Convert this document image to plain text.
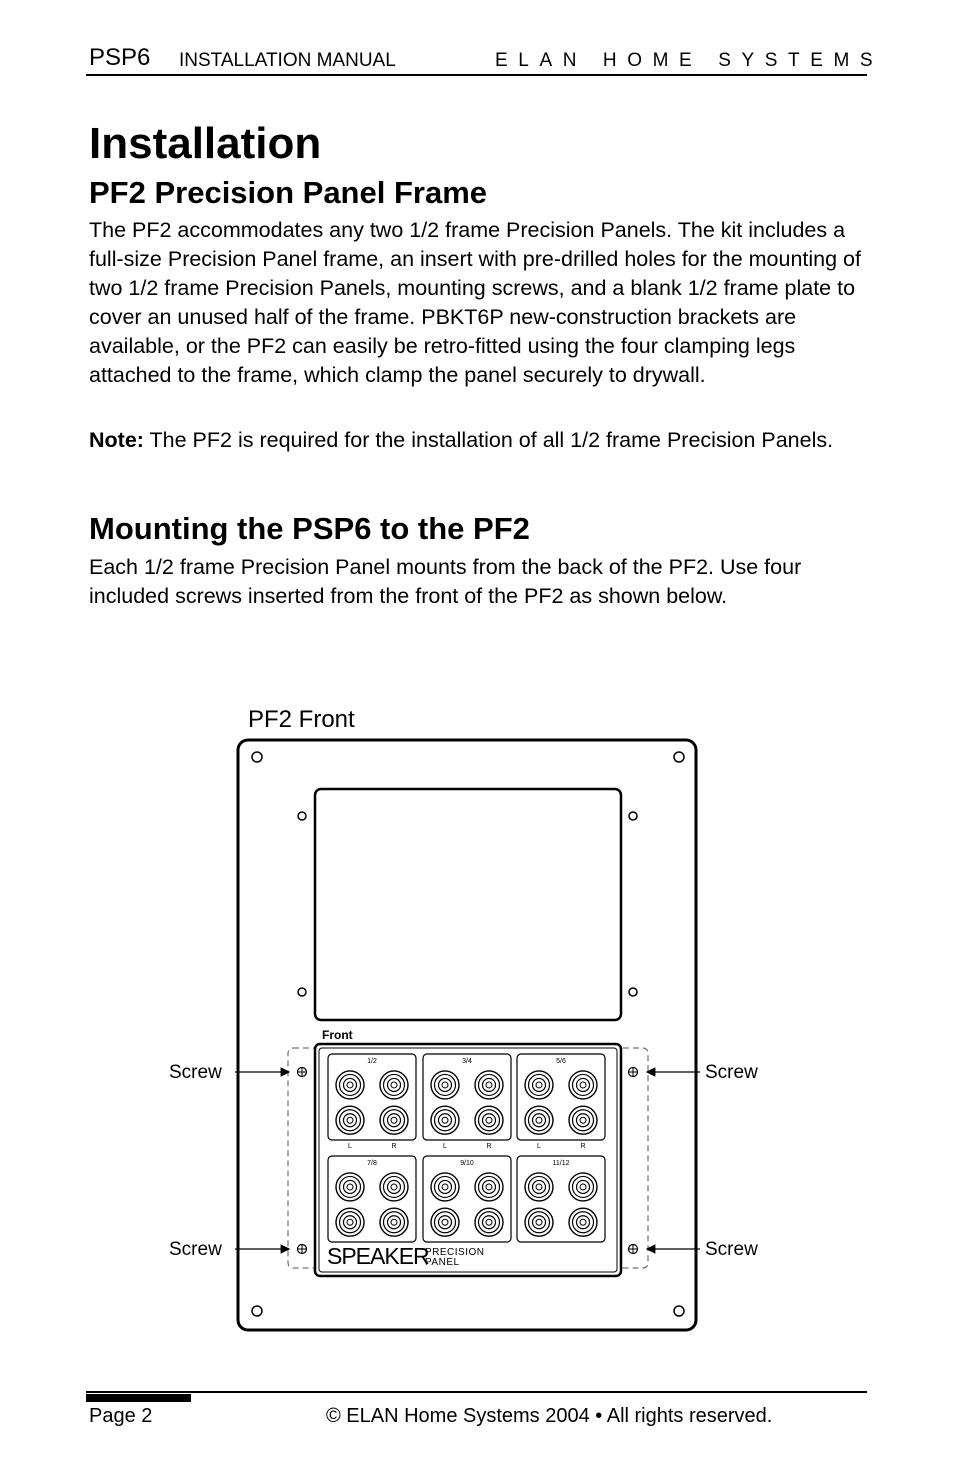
PSP6 INSTALLATION MANUAL	ELAN HOME SYSTEMS
Installation
PF2 Precision Panel Frame

The PF2 accommodates any two 1/2 frame Precision Panels. The kit includes a full-size Precision Panel frame, an insert with pre-drilled holes for the mounting of two 1/2 frame Precision Panels, mounting screws, and a blank 1/2 frame plate to cover an unused half of the frame. PBKT6P new-construction brackets are available, or the PF2 can easily be retro-fitted using the four clamping legs attached to the frame, which clamp the panel securely to drywall.

Note: The PF2 is required for the installation of all 1/2 frame Precision Panels.

Mounting the PSP6 to the PF2

Each 1/2 frame Precision Panel mounts from the back of the PF2. Use four included screws inserted from the front of the PF2 as shown below.

PF2 Front
Front
1/2
L	R
3/4
L	R
5/6
L	R
7/8	9/10	11/12
SPEAKER
PRECISION
PANEL
Screw
Screw
Screw
Screw
Page 2	© ELAN Home Systems 2004 • All rights reserved.
